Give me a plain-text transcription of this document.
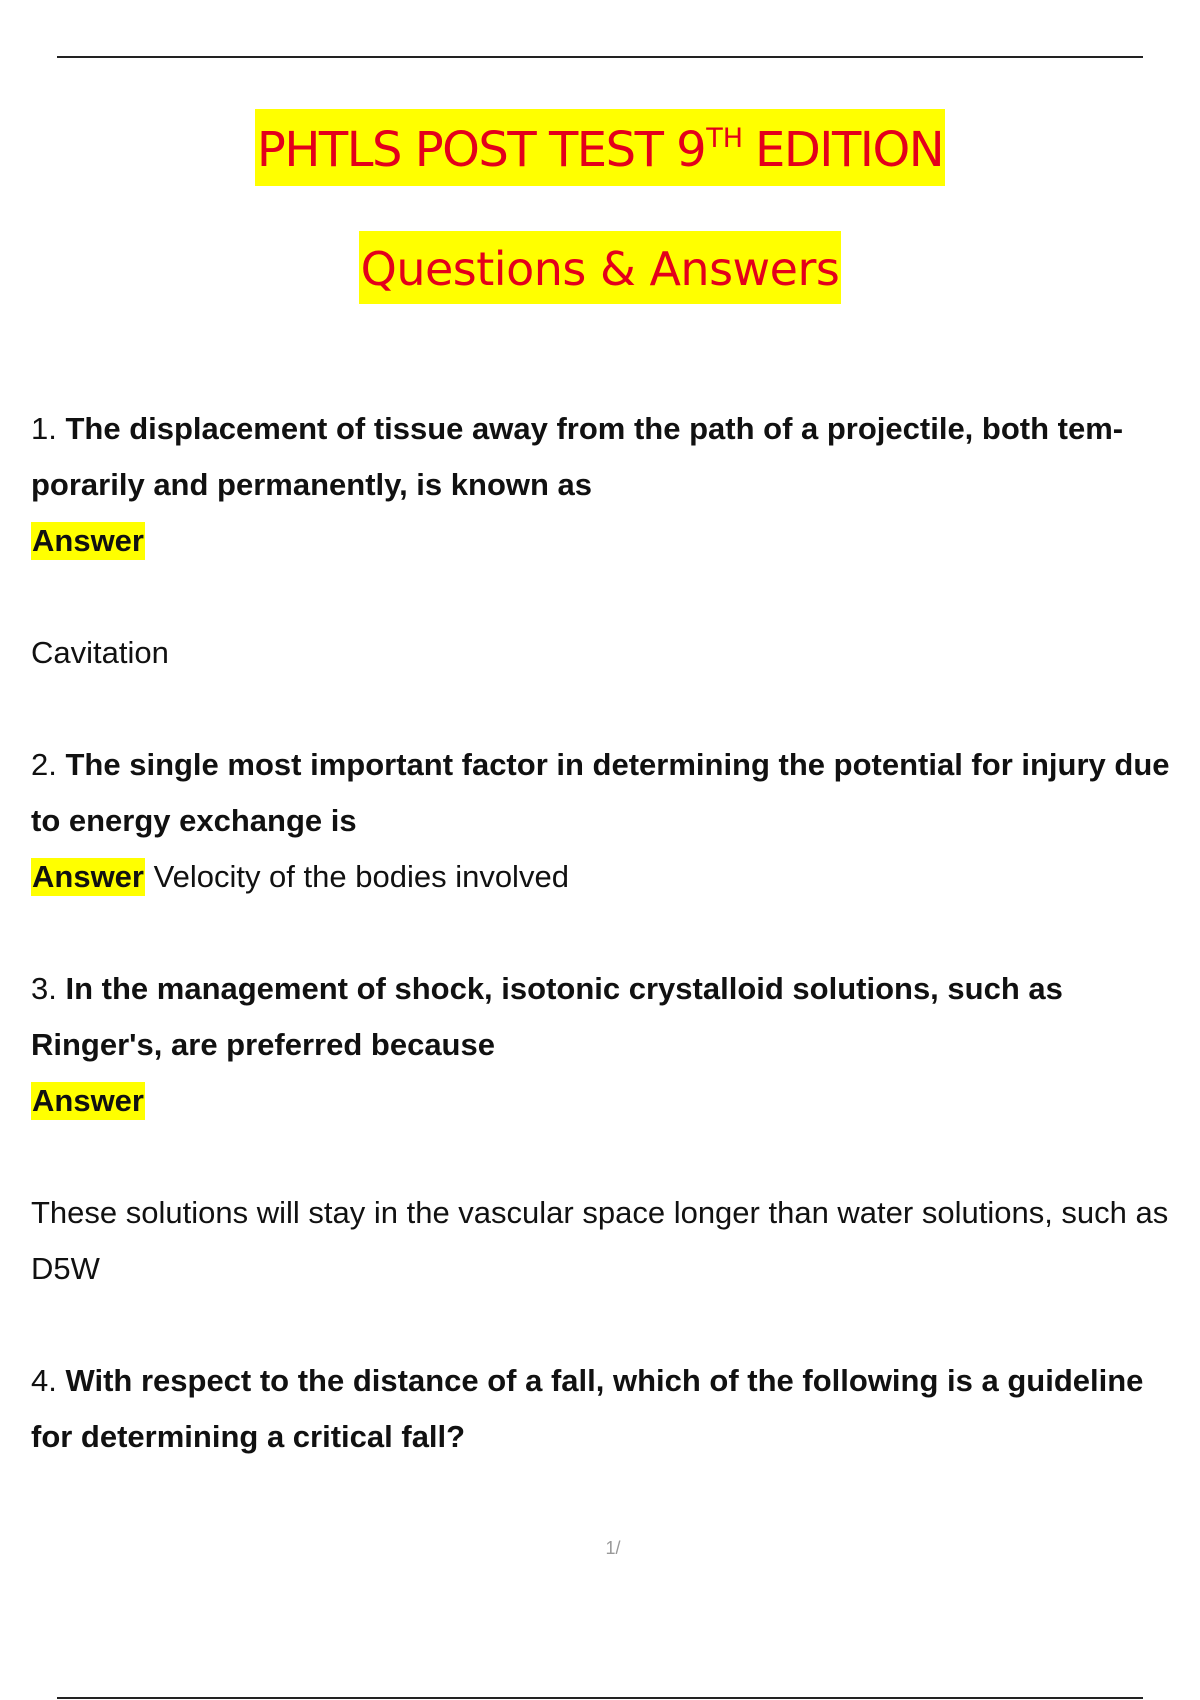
PHTLS POST TEST 9TH EDITION
Questions & Answers
1. The displacement of tissue away from the path of a projectile, both tem-
porarily and permanently, is known as
Answer
Cavitation
2. The single most important factor in determining the potential for injury due
to energy exchange is
Answer Velocity of the bodies involved
3. In the management of shock, isotonic crystalloid solutions, such as
Ringer's, are preferred because
Answer
These solutions will stay in the vascular space longer than water solutions, such as
D5W
4. With respect to the distance of a fall, which of the following is a guideline
for determining a critical fall?
1/
